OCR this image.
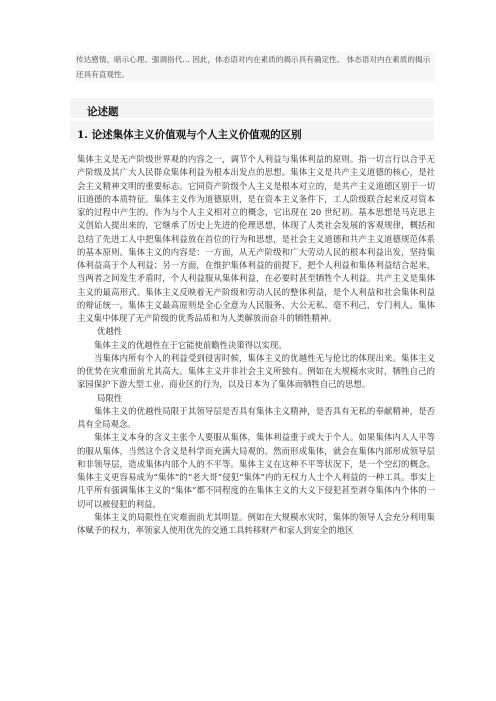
传达感情、暗示心理、强调指代… 因此，体态语对内在素质的揭示具有确定性。 体态语对内在素质的揭示还具有直观性。
论述题
1. 论述集体主义价值观与个人主义价值观的区别

集体主义是无产阶级世界观的内容之一，调节个人利益与集体利益的原则。指一切言行以合乎无产阶级及其广大人民群众集体利益为根本出发点的思想。集体主义是共产主义道德的核心，是社会主义精神文明的重要标志。它同资产阶级个人主义是根本对立的，是共产主义道德区别于一切旧道德的本质特征。集体主义作为道德原则，是在资本主义条件下，工人阶级联合起来反对资本家的过程中产生的。作为与个人主义相对立的概念，它出现在 20 世纪初。基本思想是马克思主义创始人提出来的，它继承了历史上先进的伦理思想，体现了人类社会发展的客观规律，概括和总结了先进工人中把集体利益放在首位的行为和思想，是社会主义道德和共产主义道德规范体系的基本原则。集体主义的内容是：一方面，从无产阶级和广大劳动人民的根本利益出发，坚持集体利益高于个人利益；另一方面，在维护集体利益的前提下，把个人利益和集体利益结合起来，当两者之间发生矛盾时，个人利益服从集体利益，在必要时甚至牺牲个人利益。共产主义是集体主义的最高形式。集体主义反映着无产阶级和劳动人民的整体利益，是个人利益和社会集体利益的辩证统一。集体主义最高原则是全心全意为人民服务、大公无私、毫不利己，专门利人。集体主义集中体现了无产阶级的优秀品质和为人类解放而奋斗的牺牲精神。

优越性

集体主义的优越性在于它能使前瞻性决策得以实现。

当集体内所有个人的利益受到侵害时候，集体主义的优越性无与伦比的体现出来。集体主义的优势在灾难面前尤其高大。集体主义并非社会主义所独有。例如在大规模水灾时，牺牲自己的家园保护下游大型工业、商业区的行为，以及日本为了集体而牺牲自己的思想。

局限性

集体主义的优越性局限于其领导层是否具有集体主义精神，是否具有无私的奉献精神，是否具有全局观念。

集体主义本身的含义主张个人要服从集体，集体利益重于或大于个人。如果集体内人人平等的服从集体，当然这个含义是科学而充满大局观的。然而形成集体，就会在集体内部形成领导层和非领导层，造成集体内部个人的不平等。集体主义在这种不平等状况下，是一个空幻的概念。集体主义更容易成为“集体”的“老大哥”侵犯“集体”内的无权力人士个人利益的一种工具。事实上几乎所有强调集体主义的“集体”都不同程度的在集体主义的大义下侵犯甚至剥夺集体内个体的一切可以被侵犯的利益。

集体主义的局限性在灾难面前尤其明显。例如在大规模水灾时，集体的领导人会充分利用集体赋予的权力，率领家人使用优先的交通工具转移财产和家人到安全的地区
